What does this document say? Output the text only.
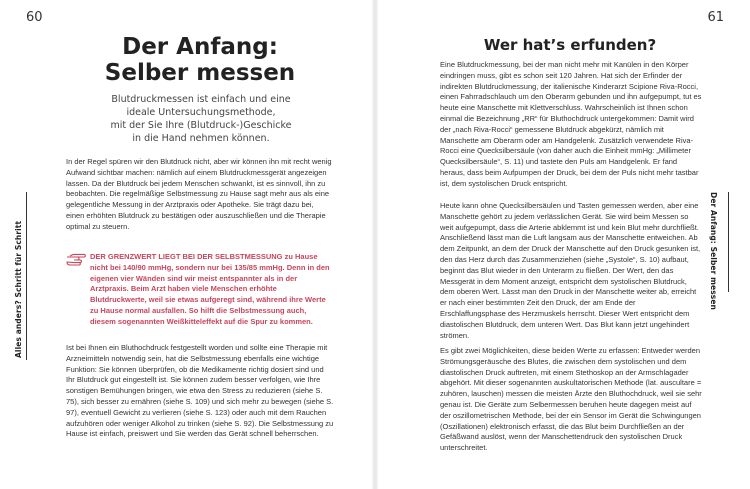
60
Alles anders? Schritt für Schritt
Der Anfang:
Selber messen
Blutdruckmessen ist einfach und eine
ideale Untersuchungsmethode,
mit der Sie Ihre (Blutdruck-)Geschicke
in die Hand nehmen können.

In der Regel spüren wir den Blutdruck nicht, aber wir können ihn mit recht wenig Aufwand sichtbar machen: nämlich auf einem Blutdruckmessgerät angezeigen lassen. Da der Blutdruck bei jedem Menschen schwankt, ist es sinnvoll, ihn zu beobachten. Die regelmäßige Selbstmessung zu Hause sagt mehr aus als eine gelegentliche Messung in der Arztpraxis oder Apotheke. Sie trägt dazu bei, einen erhöhten Blutdruck zu bestätigen oder auszuschließen und die Therapie optimal zu steuern.

DER GRENZWERT LIEGT BEI DER SELBSTMESSUNG zu Hause nicht bei 140/90 mmHg, sondern nur bei 135/85 mmHg. Denn in den eigenen vier Wänden sind wir meist entspannter als in der Arztpraxis. Beim Arzt haben viele Menschen erhöhte Blutdruckwerte, weil sie etwas aufgeregt sind, während ihre Werte zu Hause normal ausfallen. So hilft die Selbstmessung auch, diesem sogenannten Weißkitteleffekt auf die Spur zu kommen.

Ist bei Ihnen ein Bluthochdruck festgestellt worden und sollte eine Therapie mit Arzneimitteln notwendig sein, hat die Selbstmessung ebenfalls eine wichtige Funktion: Sie können überprüfen, ob die Medikamente richtig dosiert sind und Ihr Blutdruck gut eingestellt ist. Sie können zudem besser verfolgen, wie Ihre sonstigen Bemühungen bringen, wie etwa den Stress zu reduzieren (siehe S. 75), sich besser zu ernähren (siehe S. 109) und sich mehr zu bewegen (siehe S. 97), eventuell Gewicht zu verlieren (siehe S. 123) oder auch mit dem Rauchen aufzuhören oder weniger Alkohol zu trinken (siehe S. 92). Die Selbstmessung zu Hause ist einfach, preiswert und Sie werden das Gerät schnell beherrschen.

61
Der Anfang: Selber messen
Wer hat’s erfunden?

Eine Blutdruckmessung, bei der man nicht mehr mit Kanülen in den Körper eindringen muss, gibt es schon seit 120 Jahren. Hat sich der Erfinder der indirekten Blutdruckmessung, der italienische Kinderarzt Scipione Riva-Rocci, einen Fahrradschlauch um den Oberarm gebunden und ihn aufgepumpt, tut es heute eine Manschette mit Klettverschluss. Wahrscheinlich ist Ihnen schon einmal die Bezeichnung „RR“ für Bluthochdruck untergekommen: Damit wird der „nach Riva-Rocci“ gemessene Blutdruck abgekürzt, nämlich mit Manschette am Oberarm oder am Handgelenk. Zusätzlich verwendete Riva-Rocci eine Quecksilbersäule (von daher auch die Einheit mmHg: „Millimeter Quecksilbersäule“, S. 11) und tastete den Puls am Handgelenk. Er fand heraus, dass beim Aufpumpen der Druck, bei dem der Puls nicht mehr tastbar ist, dem systolischen Druck entspricht.

Heute kann ohne Quecksilbersäulen und Tasten gemessen werden, aber eine Manschette gehört zu jedem verlässlichen Gerät. Sie wird beim Messen so weit aufgepumpt, dass die Arterie abklemmt ist und kein Blut mehr durchfließt. Anschließend lässt man die Luft langsam aus der Manschette entweichen. Ab dem Zeitpunkt, an dem der Druck der Manschette auf den Druck gesunken ist, den das Herz durch das Zusammenziehen (siehe „Systole“, S. 10) aufbaut, beginnt das Blut wieder in den Unterarm zu fließen. Der Wert, den das Messgerät in dem Moment anzeigt, entspricht dem systolischen Blutdruck, dem oberen Wert. Lässt man den Druck in der Manschette weiter ab, erreicht er nach einer bestimmten Zeit den Druck, der am Ende der Erschlaffungsphase des Herzmuskels herrscht. Dieser Wert entspricht dem diastolischen Blutdruck, dem unteren Wert. Das Blut kann jetzt ungehindert strömen.

Es gibt zwei Möglichkeiten, diese beiden Werte zu erfassen: Entweder werden Strömungsgeräusche des Blutes, die zwischen dem systolischen und dem diastolischen Druck auftreten, mit einem Stethoskop an der Armschlagader abgehört. Mit dieser sogenannten auskultatorischen Methode (lat. auscultare = zuhören, lauschen) messen die meisten Ärzte den Bluthochdruck, weil sie sehr genau ist. Die Geräte zum Selbermessen beruhen heute dagegen meist auf der oszillometrischen Methode, bei der ein Sensor im Gerät die Schwingungen (Oszillationen) elektronisch erfasst, die das Blut beim Durchfließen an der Gefäßwand auslöst, wenn der Manschettendruck den systolischen Druck unterschreitet.
